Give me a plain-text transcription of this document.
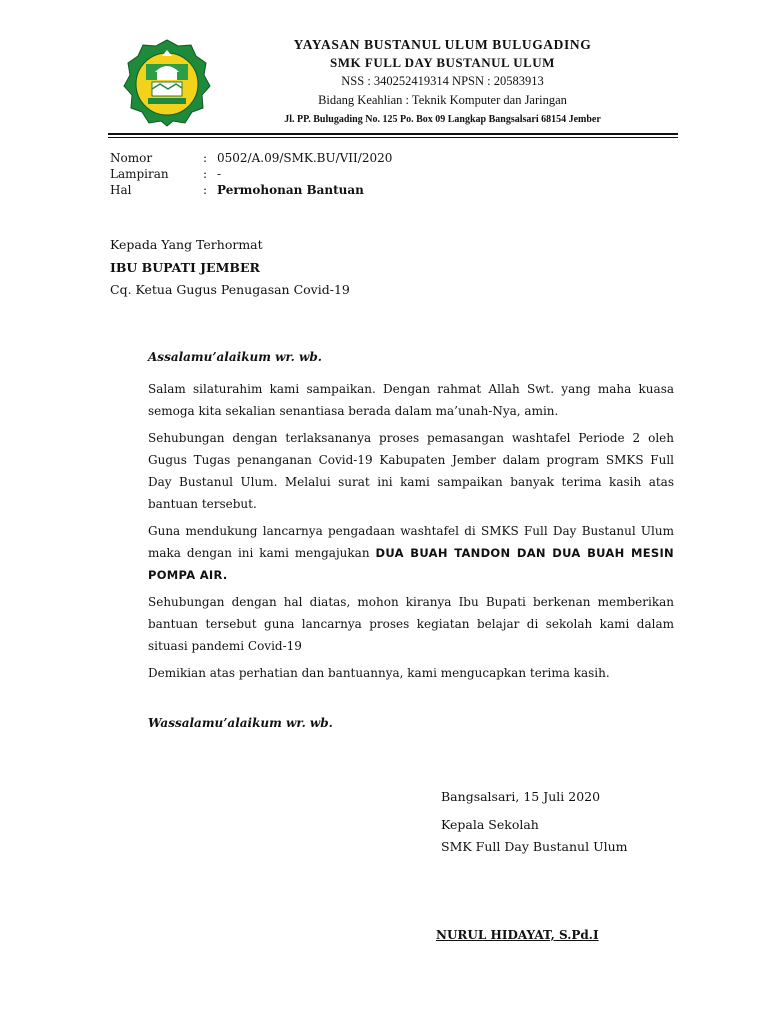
YAYASAN BUSTANUL ULUM BULUGADING
SMK FULL DAY BUSTANUL ULUM
NSS : 340252419314 NPSN : 20583913
Bidang Keahlian : Teknik Komputer dan Jaringan
Jl. PP. Bulugading No. 125 Po. Box 09 Langkap Bangsalsari 68154 Jember
Nomor	: 0502/A.09/SMK.BU/VII/2020
Lampiran	: -
Hal	: Permohonan Bantuan
Kepada Yang Terhormat
IBU BUPATI JEMBER
Cq. Ketua Gugus Penugasan Covid-19
Assalamu’alaikum wr. wb.

Salam silaturahim kami sampaikan. Dengan rahmat Allah Swt. yang maha kuasa semoga kita sekalian senantiasa berada dalam ma’unah-Nya, amin.

Sehubungan dengan terlaksananya proses pemasangan washtafel Periode 2 oleh Gugus Tugas penanganan Covid-19 Kabupaten Jember dalam program SMKS Full Day Bustanul Ulum. Melalui surat ini kami sampaikan banyak terima kasih atas bantuan tersebut.

Guna mendukung lancarnya pengadaan washtafel di SMKS Full Day Bustanul Ulum maka dengan ini kami mengajukan DUA BUAH TANDON DAN DUA BUAH MESIN POMPA AIR.

Sehubungan dengan hal diatas, mohon kiranya Ibu Bupati berkenan memberikan bantuan tersebut guna lancarnya proses kegiatan belajar di sekolah kami dalam situasi pandemi Covid-19

Demikian atas perhatian dan bantuannya, kami mengucapkan terima kasih.

Wassalamu’alaikum wr. wb.
Bangsalsari, 15 Juli 2020
Kepala Sekolah
SMK Full Day Bustanul Ulum
NURUL HIDAYAT, S.Pd.I
